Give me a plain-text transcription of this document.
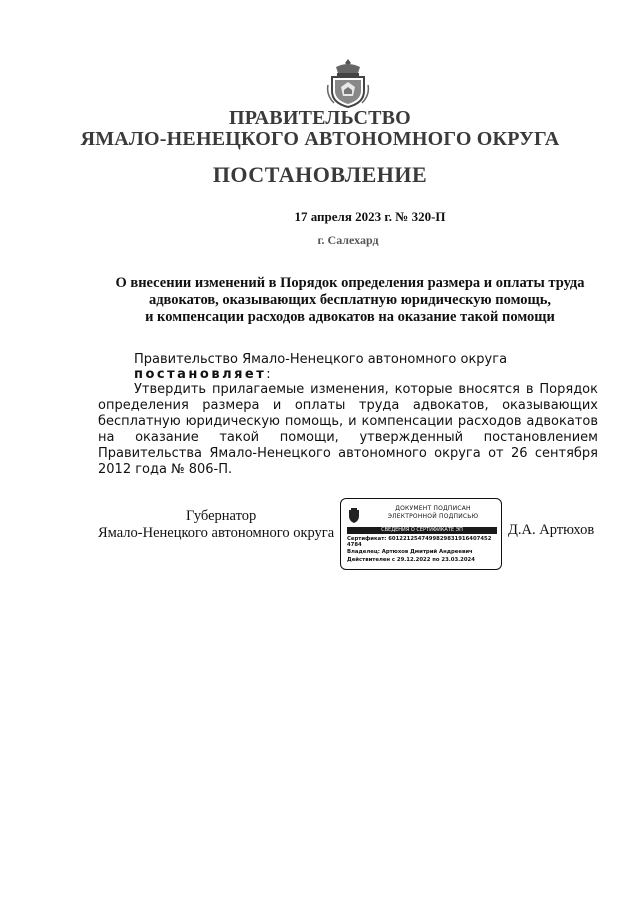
ПРАВИТЕЛЬСТВО
ЯМАЛО-НЕНЕЦКОГО АВТОНОМНОГО ОКРУГА
ПОСТАНОВЛЕНИЕ
17 апреля 2023 г. № 320-П
г. Салехард
О внесении изменений в Порядок определения размера и оплаты труда
адвокатов, оказывающих бесплатную юридическую помощь,
и компенсации расходов адвокатов на оказание такой помощи
Правительство Ямало-Ненецкого автономного округа постановляет:
Утвердить прилагаемые изменения, которые вносятся в Порядок определения размера и оплаты труда адвокатов, оказывающих бесплатную юридическую помощь, и компенсации расходов адвокатов на оказание такой помощи, утвержденный постановлением Правительства Ямало-Ненецкого автономного округа от 26 сентября 2012 года № 806-П.
Губернатор
Ямало-Ненецкого автономного округа	Д.А. Артюхов
ДОКУМЕНТ ПОДПИСАН
ЭЛЕКТРОННОЙ ПОДПИСЬЮ
СВЕДЕНИЯ О СЕРТИФИКАТЕ ЭП
Сертификат: 6012212547499829831916407452
4784
Владелец: Артюхов Дмитрий Андреевич
Действителен с 29.12.2022 по 23.03.2024
